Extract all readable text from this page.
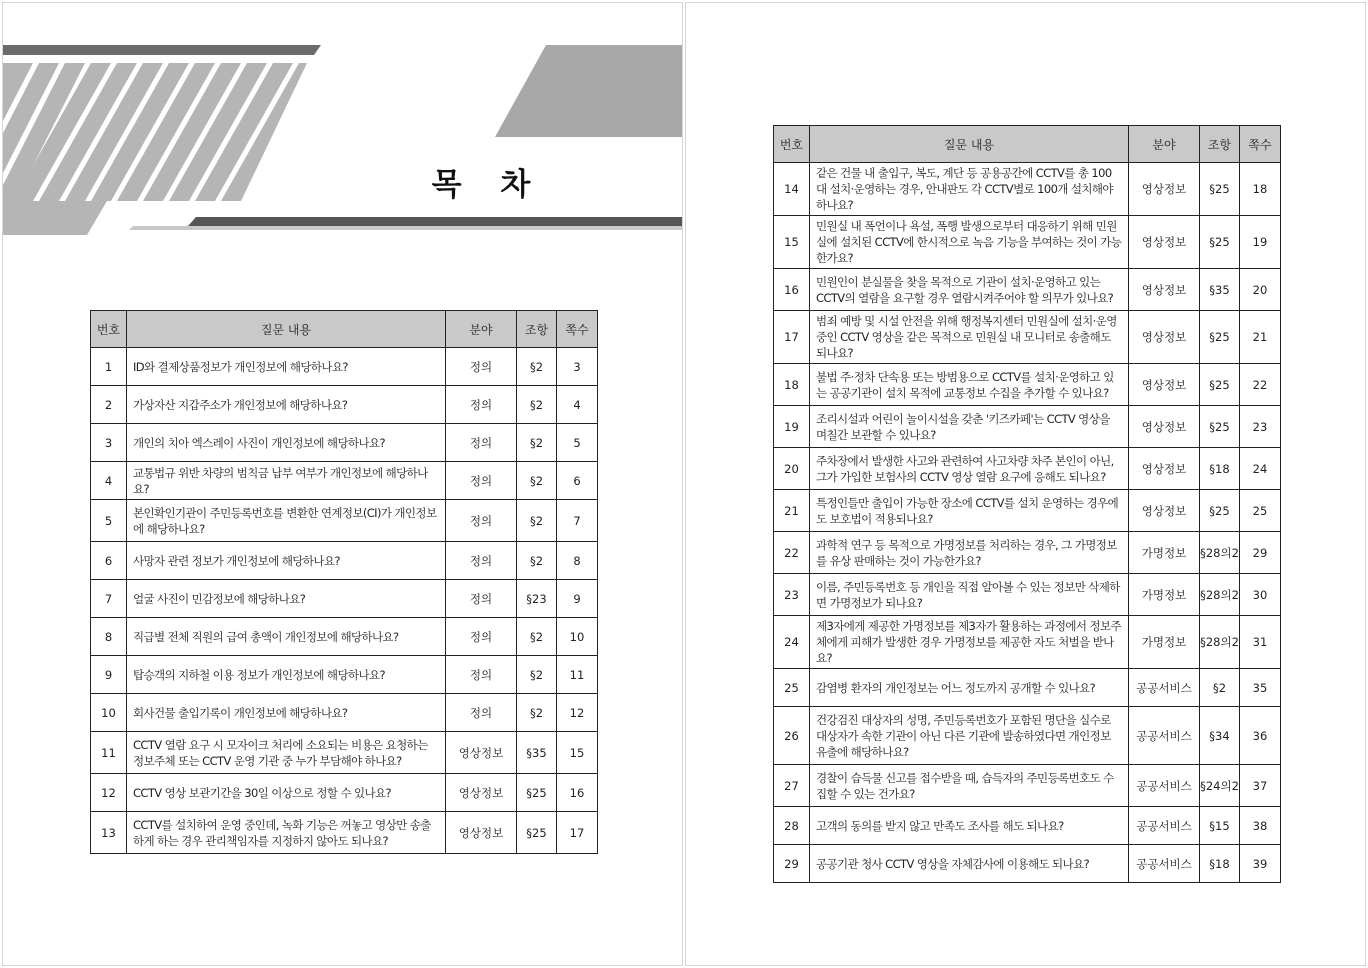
목 차
번호	질문 내용	분야	조항	쪽수
1	ID와 결제상품정보가 개인정보에 해당하나요?	정의	§2	3
2	가상자산 지갑주소가 개인정보에 해당하나요?	정의	§2	4
3	개인의 치아 엑스레이 사진이 개인정보에 해당하나요?	정의	§2	5
4	교통법규 위반 차량의 범칙금 납부 여부가 개인정보에 해당하나요?	정의	§2	6
5	본인확인기관이 주민등록번호를 변환한 연계정보(CI)가 개인정보에 해당하나요?	정의	§2	7
6	사망자 관련 정보가 개인정보에 해당하나요?	정의	§2	8
7	얼굴 사진이 민감정보에 해당하나요?	정의	§23	9
8	직급별 전체 직원의 급여 총액이 개인정보에 해당하나요?	정의	§2	10
9	탑승객의 지하철 이용 정보가 개인정보에 해당하나요?	정의	§2	11
10	회사건물 출입기록이 개인정보에 해당하나요?	정의	§2	12
11	CCTV 열람 요구 시 모자이크 처리에 소요되는 비용은 요청하는 정보주체 또는 CCTV 운영 기관 중 누가 부담해야 하나요?	영상정보	§35	15
12	CCTV 영상 보관기간을 30일 이상으로 정할 수 있나요?	영상정보	§25	16
13	CCTV를 설치하여 운영 중인데, 녹화 기능은 꺼놓고 영상만 송출하게 하는 경우 관리책임자를 지정하지 않아도 되나요?	영상정보	§25	17
번호	질문 내용	분야	조항	쪽수
14	같은 건물 내 출입구, 복도, 계단 등 공용공간에 CCTV를 총 100대 설치·운영하는 경우, 안내판도 각 CCTV별로 100개 설치해야 하나요?	영상정보	§25	18
15	민원실 내 폭언이나 욕설, 폭행 발생으로부터 대응하기 위해 민원실에 설치된 CCTV에 한시적으로 녹음 기능을 부여하는 것이 가능한가요?	영상정보	§25	19
16	민원인이 분실물을 찾을 목적으로 기관이 설치·운영하고 있는 CCTV의 열람을 요구할 경우 열람시켜주어야 할 의무가 있나요?	영상정보	§35	20
17	범죄 예방 및 시설 안전을 위해 행정복지센터 민원실에 설치·운영 중인 CCTV 영상을 같은 목적으로 민원실 내 모니터로 송출해도 되나요?	영상정보	§25	21
18	불법 주·정차 단속용 또는 방범용으로 CCTV를 설치·운영하고 있는 공공기관이 설치 목적에 교통정보 수집을 추가할 수 있나요?	영상정보	§25	22
19	조리시설과 어린이 놀이시설을 갖춘 '키즈카페'는 CCTV 영상을 며칠간 보관할 수 있나요?	영상정보	§25	23
20	주차장에서 발생한 사고와 관련하여 사고차량 차주 본인이 아닌, 그가 가입한 보험사의 CCTV 영상 열람 요구에 응해도 되나요?	영상정보	§18	24
21	특정인들만 출입이 가능한 장소에 CCTV를 설치 운영하는 경우에도 보호법이 적용되나요?	영상정보	§25	25
22	과학적 연구 등 목적으로 가명정보를 처리하는 경우, 그 가명정보를 유상 판매하는 것이 가능한가요?	가명정보	§28의2	29
23	이름, 주민등록번호 등 개인을 직접 알아볼 수 있는 정보만 삭제하면 가명정보가 되나요?	가명정보	§28의2	30
24	제3자에게 제공한 가명정보를 제3자가 활용하는 과정에서 정보주체에게 피해가 발생한 경우 가명정보를 제공한 자도 처벌을 받나요?	가명정보	§28의2	31
25	감염병 환자의 개인정보는 어느 정도까지 공개할 수 있나요?	공공서비스	§2	35
26	건강검진 대상자의 성명, 주민등록번호가 포함된 명단을 실수로 대상자가 속한 기관이 아닌 다른 기관에 발송하였다면 개인정보 유출에 해당하나요?	공공서비스	§34	36
27	경찰이 습득물 신고를 접수받을 때, 습득자의 주민등록번호도 수집할 수 있는 건가요?	공공서비스	§24의2	37
28	고객의 동의를 받지 않고 만족도 조사를 해도 되나요?	공공서비스	§15	38
29	공공기관 청사 CCTV 영상을 자체감사에 이용해도 되나요?	공공서비스	§18	39
